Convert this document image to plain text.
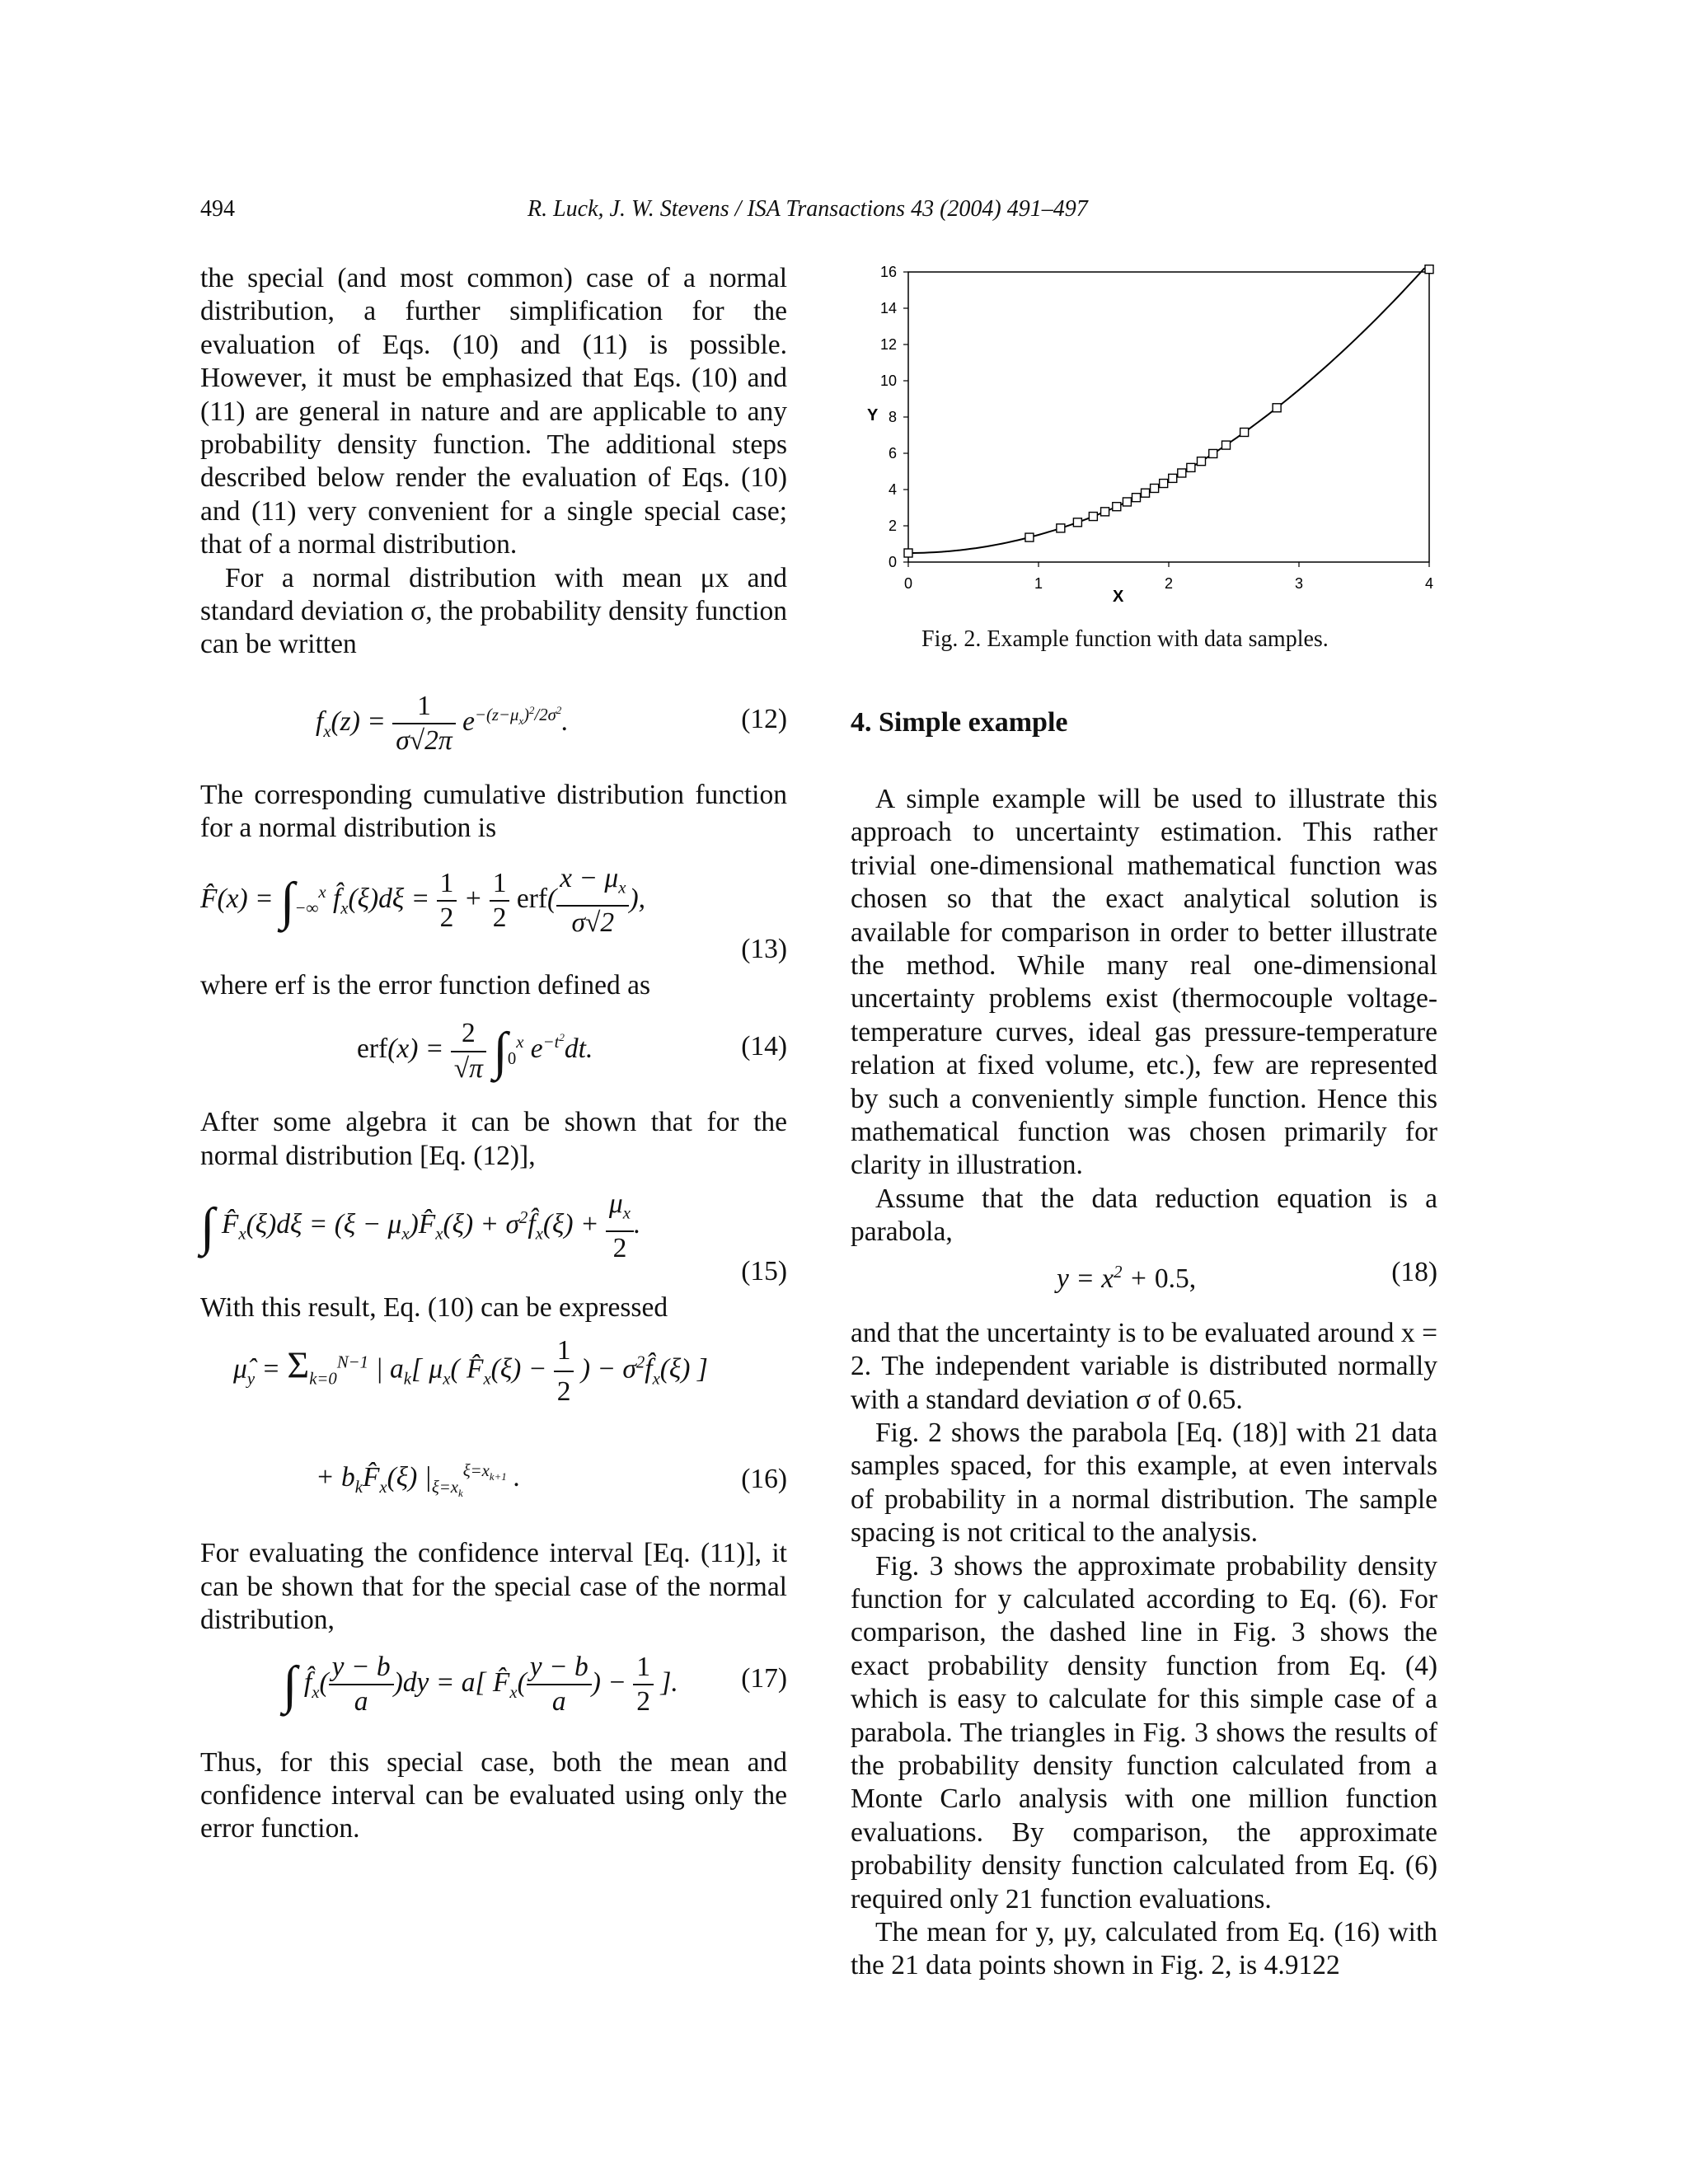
494	R. Luck, J. W. Stevens / ISA Transactions 43 (2004) 491–497

the special (and most common) case of a normal distribution, a further simplification for the evaluation of Eqs. (10) and (11) is possible. However, it must be emphasized that Eqs. (10) and (11) are general in nature and are applicable to any probability density function. The additional steps described below render the evaluation of Eqs. (10) and (11) very convenient for a single special case; that of a normal distribution.

For a normal distribution with mean μx and standard deviation σ, the probability density function can be written

$f_x(z) = \frac{1}{\sigma√2\pi} e^{-(z-\mu_x)^2/2\sigma^2}$.	(12)

The corresponding cumulative distribution function for a normal distribution is

F̂(x) = $\int_{-\infty}^x$ $f̂_x(\xi)d\xi = \frac{1}{2} + \frac{1}{2} erf( \frac{x - \mu_x}{\sigma√2}$ ),
(13)

where erf is the error function defined as

$erf(x) = \frac{2}{√\pi} \int_0^x$ $e^{-t^2}dt$.	(14)

After some algebra it can be shown that for the normal distribution [Eq. (12)],

∫ $F̂_x(\xi)d\xi = (\xi$ − $\mu_x)F̂_x(\xi)$ + $\sigma^2f̂_x(\xi) + \frac{\mu_x}{2}$ .
(15)

With this result, Eq. (10) can be expressed

$\mû_y = \Sigma_{k=0}^{N-1}$ | $a_k$[ $\mu_x$( $F̂_x(\xi) - \frac{1}{2}$ ) − $\sigma^2f̂_x(\xi)$ ]
+ $b_kF̂_x(\xi)$ $|_{\xi=x_k}^{\xi=x_{k+1}}$ .	(16)

For evaluating the confidence interval [Eq. (11)], it can be shown that for the special case of the normal distribution,

∫ $f̂_x( \frac{y - b}{a} )dy = a$[ $F̂_x( \frac{y - b}{a}$ ) − $\frac{1}{2}$ ]. (17)

Thus, for this special case, both the mean and confidence interval can be evaluated using only the error function.

0
2
4
6
8
10
12
14
16
0	1	2	3	4
Y
X
Fig. 2. Example function with data samples.
4. Simple example

A simple example will be used to illustrate this approach to uncertainty estimation. This rather trivial one-dimensional mathematical function was chosen so that the exact analytical solution is available for comparison in order to better illustrate the method. While many real one-dimensional uncertainty problems exist (thermocouple voltage-temperature curves, ideal gas pressure-temperature relation at fixed volume, etc.), few are represented by such a conveniently simple function. Hence this mathematical function was chosen primarily for clarity in illustration.

Assume that the data reduction equation is a parabola,

$y = x^2 + 0.5$,	(18)

and that the uncertainty is to be evaluated around x = 2. The independent variable is distributed normally with a standard deviation σ of 0.65.

Fig. 2 shows the parabola [Eq. (18)] with 21 data samples spaced, for this example, at even intervals of probability in a normal distribution. The sample spacing is not critical to the analysis.

Fig. 3 shows the approximate probability density function for y calculated according to Eq. (6). For comparison, the dashed line in Fig. 3 shows the exact probability density function from Eq. (4) which is easy to calculate for this simple case of a parabola. The triangles in Fig. 3 shows the results of the probability density function calculated from a Monte Carlo analysis with one million function evaluations. By comparison, the approximate probability density function calculated from Eq. (6) required only 21 function evaluations.

The mean for y, μy, calculated from Eq. (16) with the 21 data points shown in Fig. 2, is 4.9122
